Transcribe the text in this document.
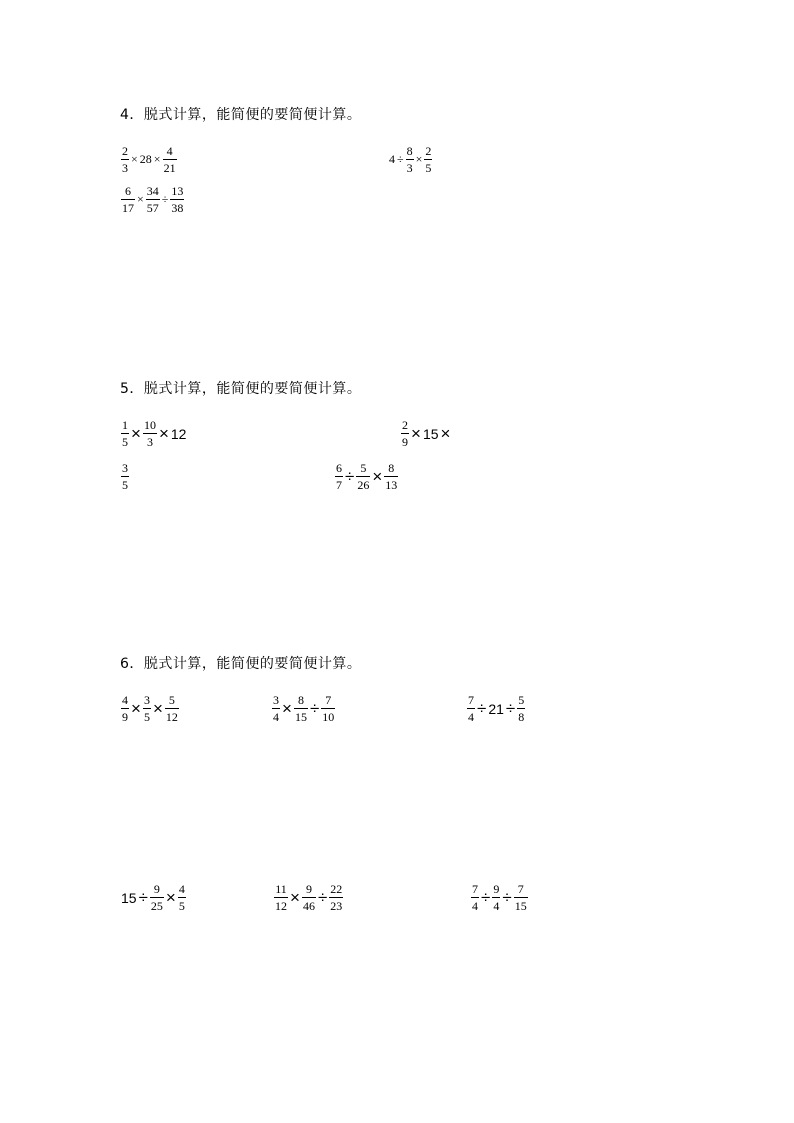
4．脱式计算，能简便的要简便计算。
$\frac{2}{3} \times 28 \times \frac{4}{21}$	$4 \div \frac{8}{3} \times \frac{2}{5}$
$\frac{6}{17} \times \frac{34}{57} \div \frac{13}{38}$
5．脱式计算，能简便的要简便计算。
$\frac{1}{5} \times \frac{10}{3} \times 12$	$\frac{2}{9} \times 15$ ×
$\frac{3}{5}$	$\frac{6}{7} \div \frac{5}{26} \times \frac{8}{13}$
6．脱式计算，能简便的要简便计算。
$\frac{4}{9} \times \frac{3}{5} \times \frac{5}{12}$	$\frac{3}{4} \times \frac{8}{15} \div \frac{7}{10}$	$\frac{7}{4} \div 21 \div \frac{5}{8}$
$15 \div \frac{9}{25} \times \frac{4}{5}$	$\frac{11}{12} \times \frac{9}{46} \div \frac{22}{23}$	$\frac{7}{4} \div \frac{9}{4} \div \frac{7}{15}$
